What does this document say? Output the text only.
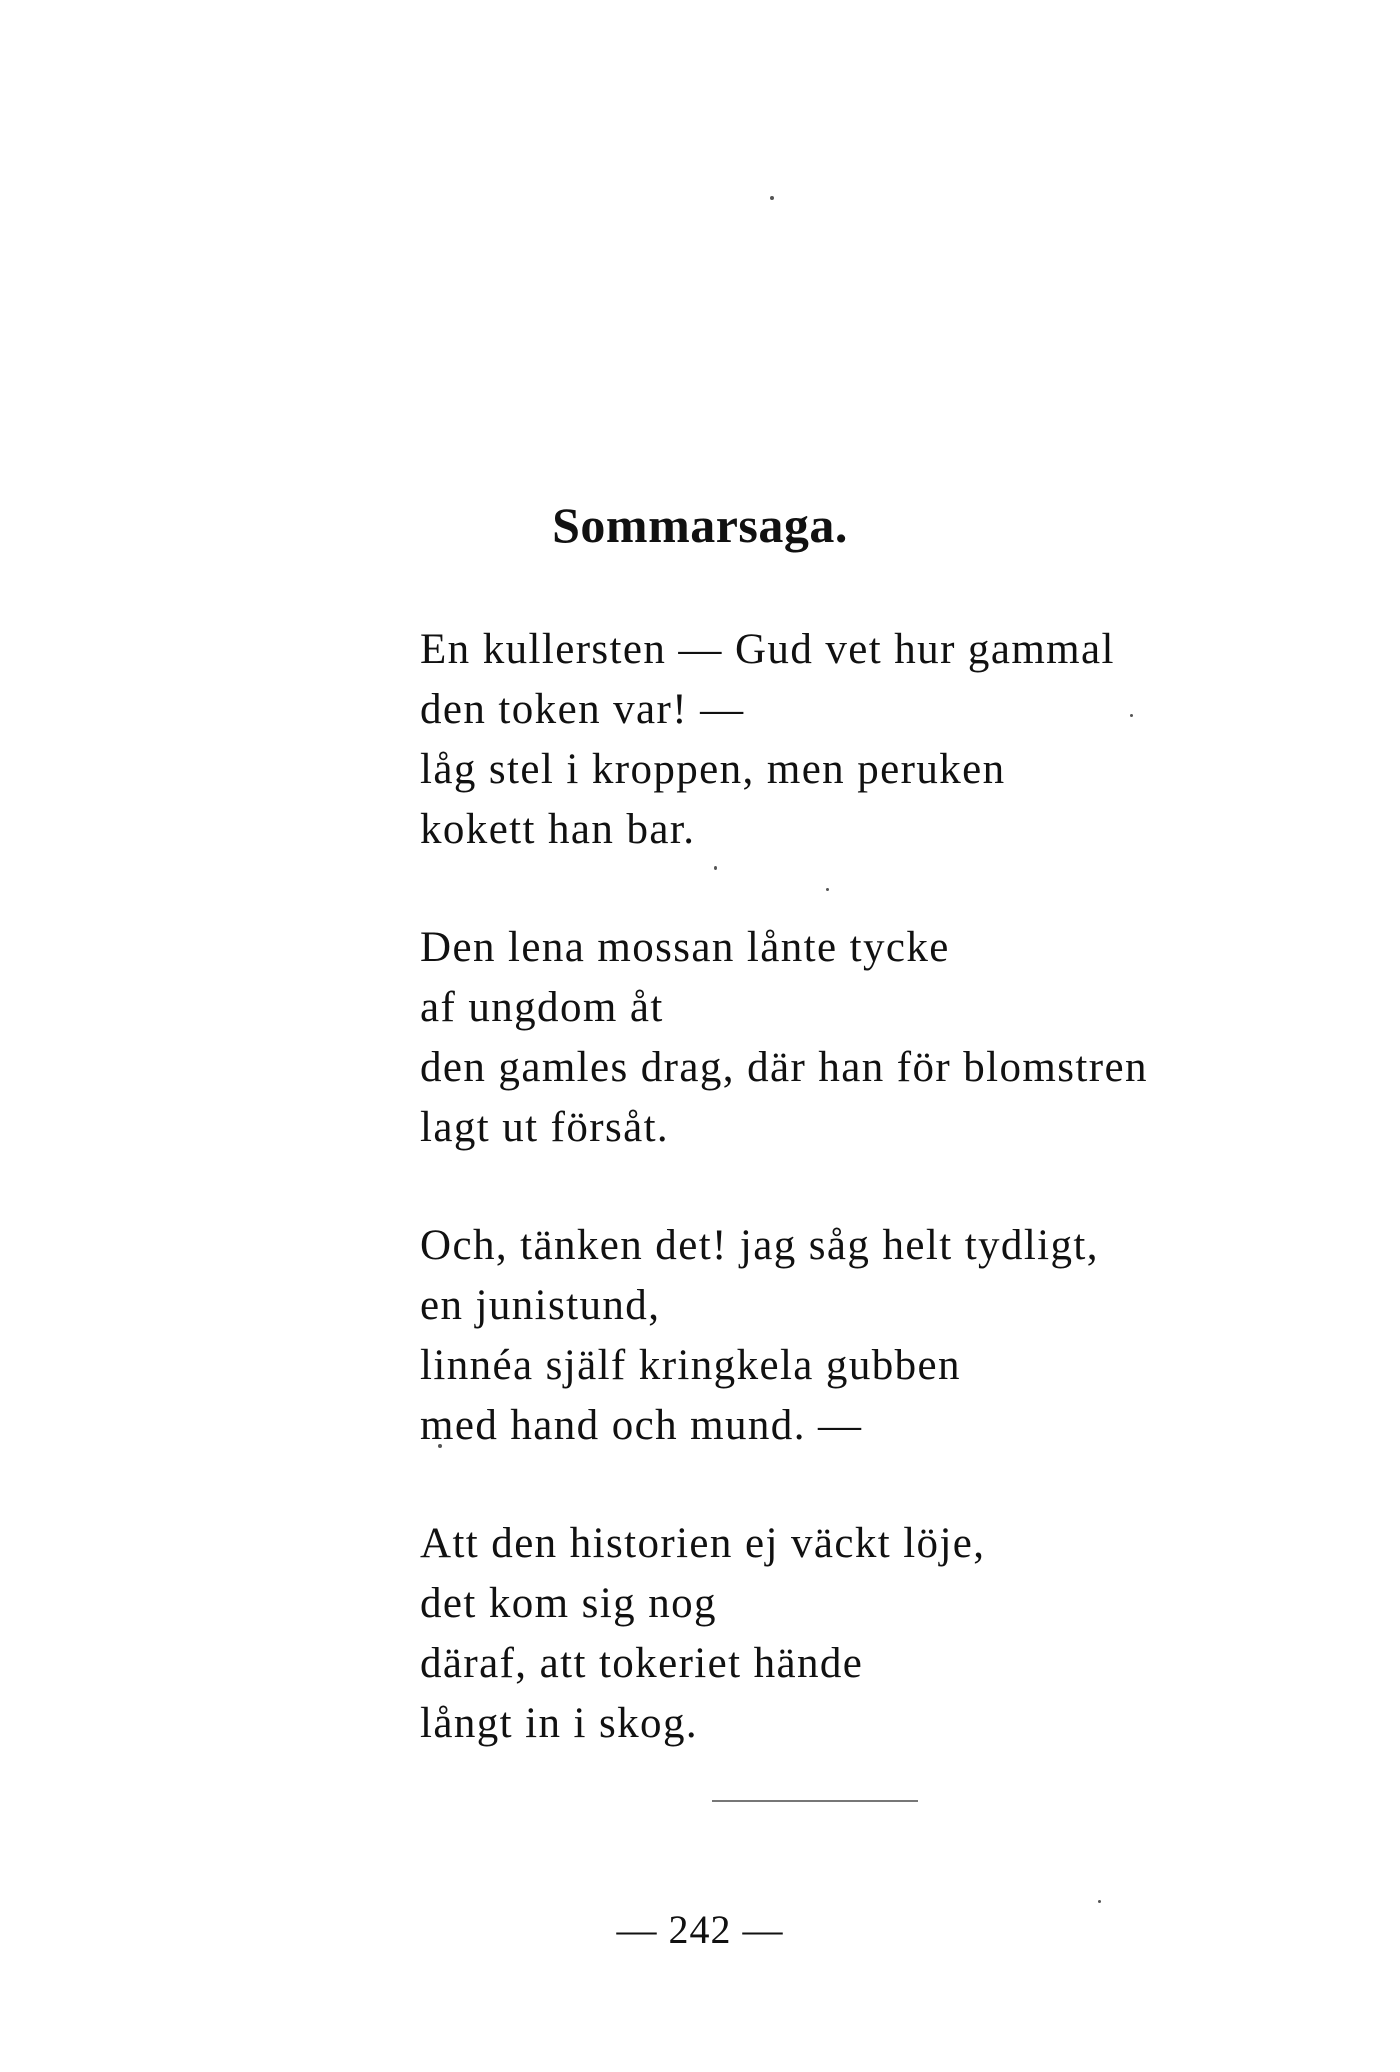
Sommarsaga.
En kullersten — Gud vet hur gammal
den token var! —
låg stel i kroppen, men peruken
kokett han bar.
Den lena mossan lånte tycke
af ungdom åt
den gamles drag, där han för blomstren
lagt ut försåt.
Och, tänken det! jag såg helt tydligt,
en junistund,
linnéa själf kringkela gubben
med hand och mund. —
Att den historien ej väckt löje,
det kom sig nog
däraf, att tokeriet hände
långt in i skog.
— 242 —
